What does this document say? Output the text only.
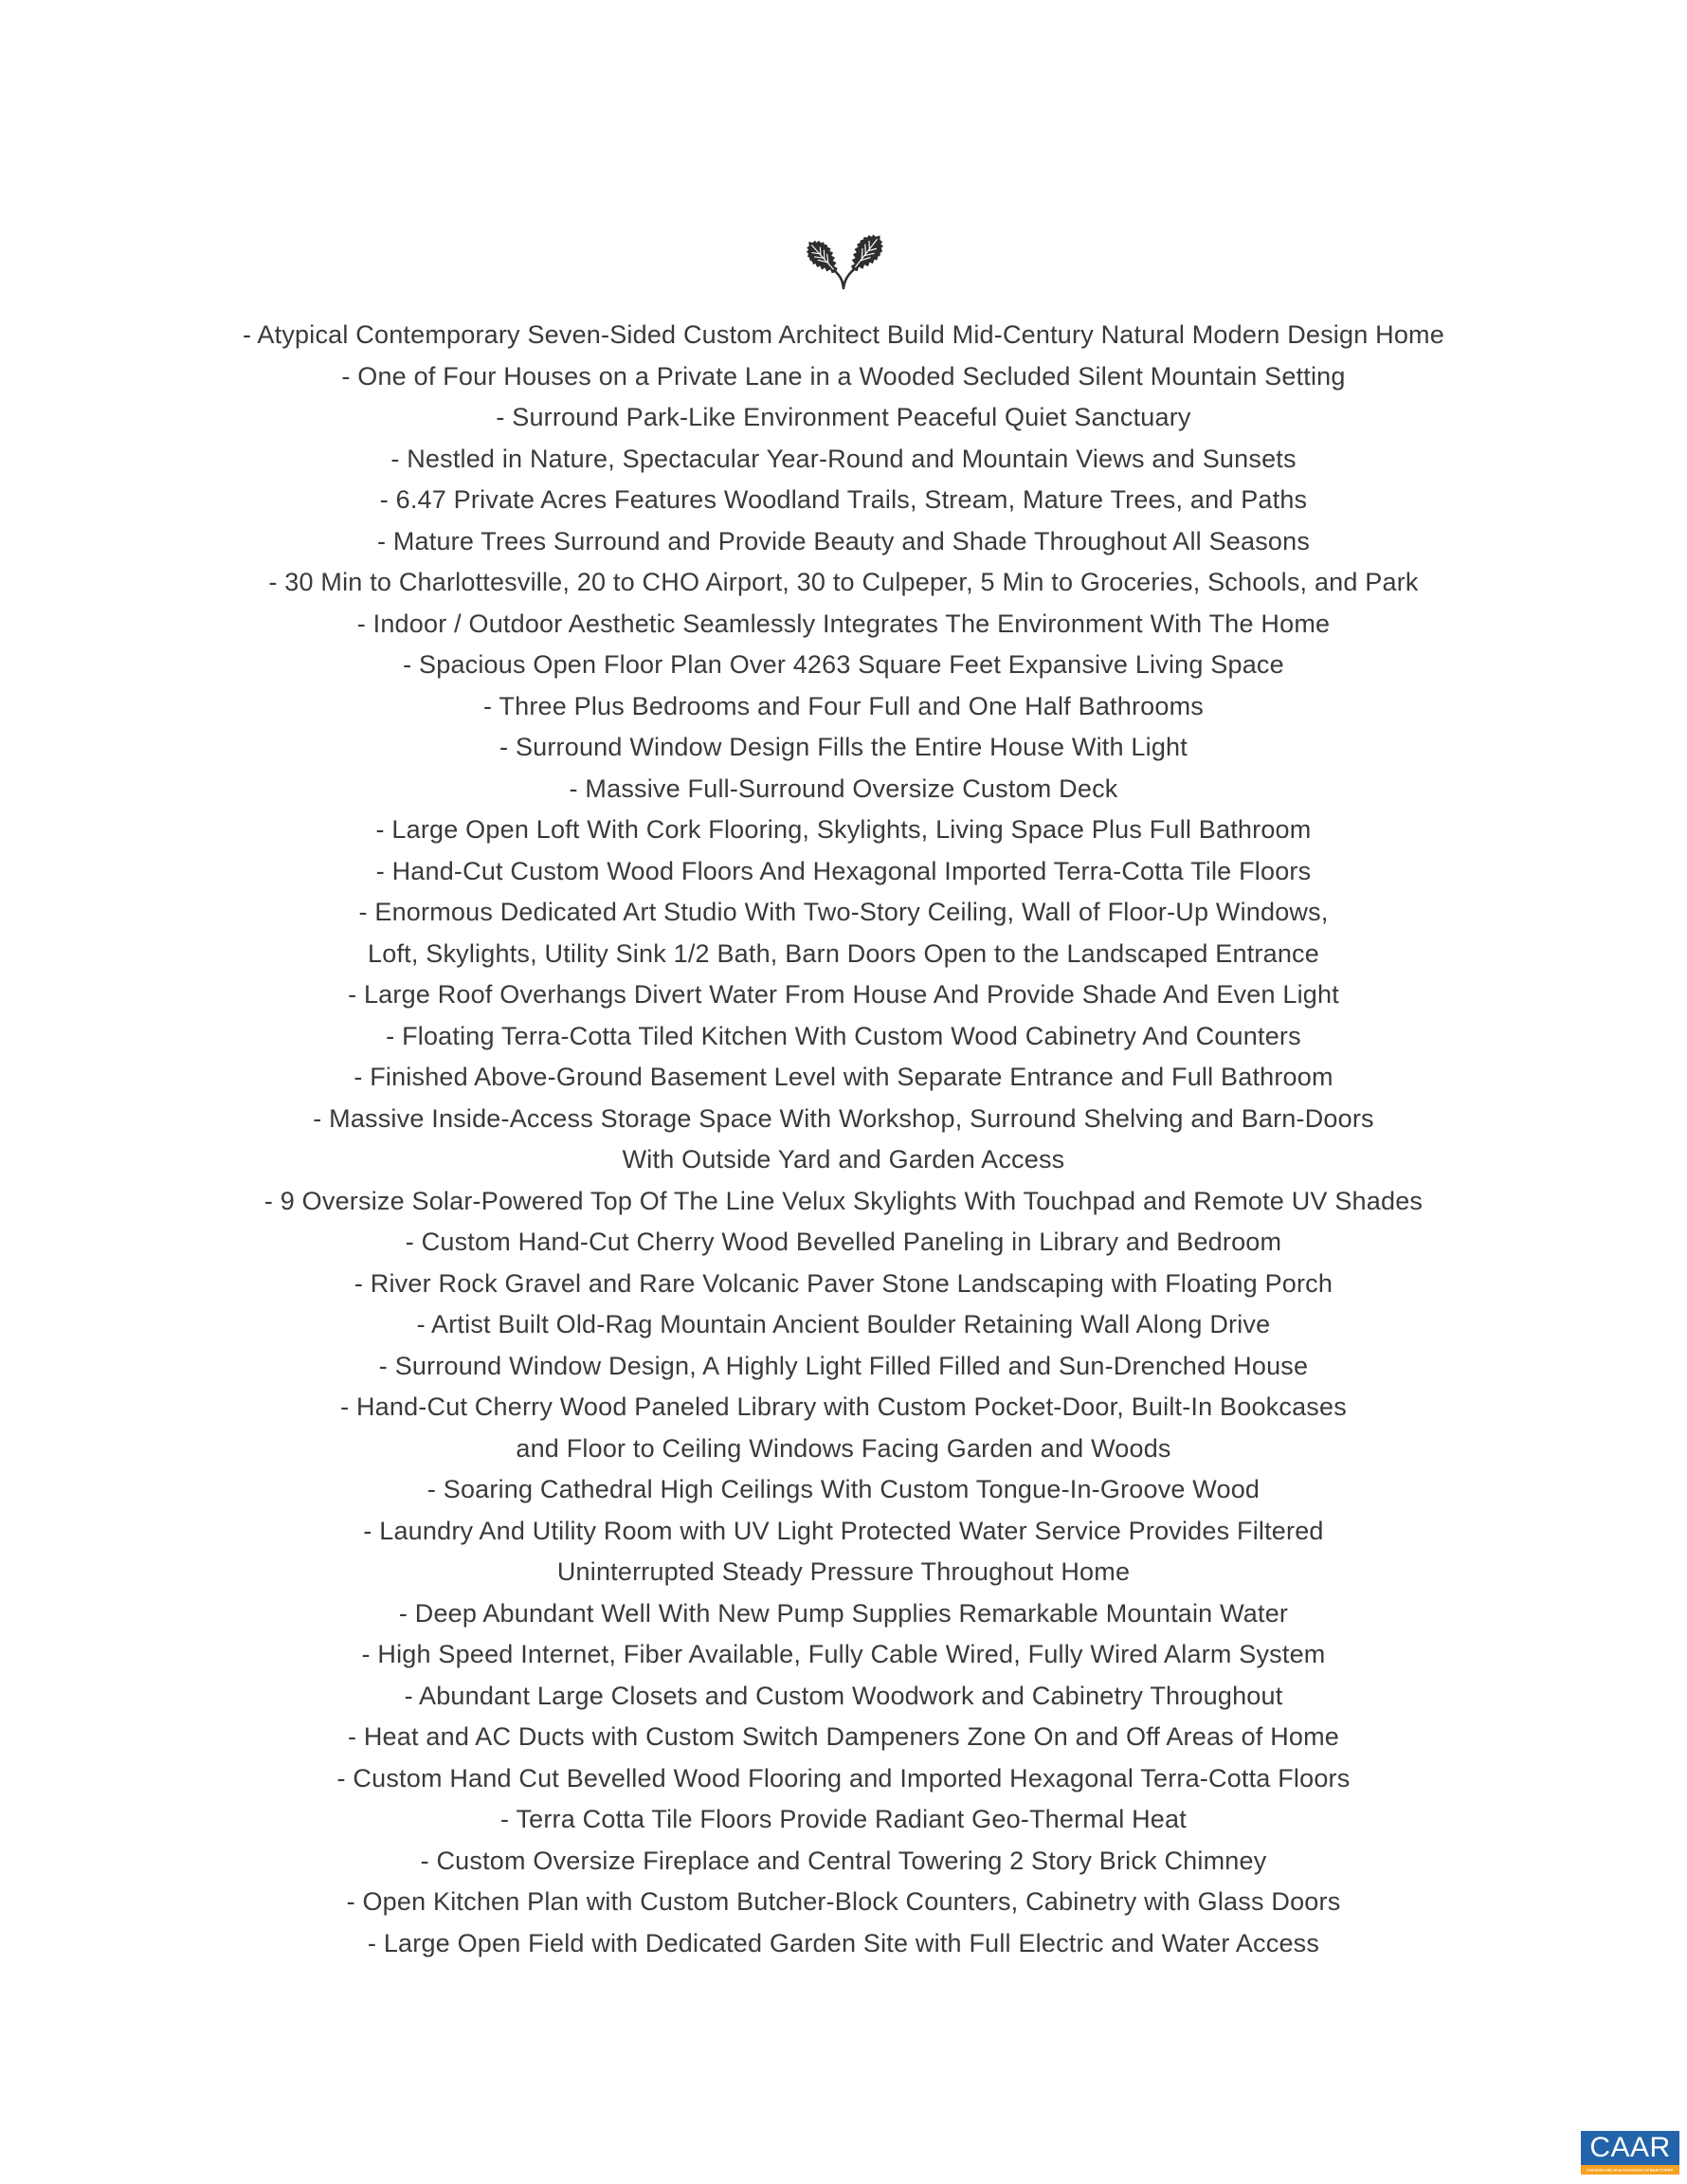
- Atypical Contemporary Seven-Sided Custom Architect Build Mid-Century Natural Modern Design Home
- One of Four Houses on a Private Lane in a Wooded Secluded Silent Mountain Setting
- Surround Park-Like Environment Peaceful Quiet Sanctuary
- Nestled in Nature, Spectacular Year-Round and Mountain Views and Sunsets
- 6.47 Private Acres Features Woodland Trails, Stream, Mature Trees, and Paths
- Mature Trees Surround and Provide Beauty and Shade Throughout All Seasons
- 30 Min to Charlottesville, 20 to CHO Airport, 30 to Culpeper, 5 Min to Groceries, Schools, and Park
- Indoor / Outdoor Aesthetic Seamlessly Integrates The Environment With The Home
- Spacious Open Floor Plan Over 4263 Square Feet Expansive Living Space
- Three Plus Bedrooms and Four Full and One Half Bathrooms
- Surround Window Design Fills the Entire House With Light
- Massive Full-Surround Oversize Custom Deck
- Large Open Loft With Cork Flooring, Skylights, Living Space Plus Full Bathroom
- Hand-Cut Custom Wood Floors And Hexagonal Imported Terra-Cotta Tile Floors
- Enormous Dedicated Art Studio With Two-Story Ceiling, Wall of Floor-Up Windows,
Loft, Skylights, Utility Sink 1/2 Bath, Barn Doors Open to the Landscaped Entrance
- Large Roof Overhangs Divert Water From House And Provide Shade And Even Light
- Floating Terra-Cotta Tiled Kitchen With Custom Wood Cabinetry And Counters
- Finished Above-Ground Basement Level with Separate Entrance and Full Bathroom
- Massive Inside-Access Storage Space With Workshop, Surround Shelving and Barn-Doors
With Outside Yard and Garden Access
- 9 Oversize Solar-Powered Top Of The Line Velux Skylights With Touchpad and Remote UV Shades
- Custom Hand-Cut Cherry Wood Bevelled Paneling in Library and Bedroom
- River Rock Gravel and Rare Volcanic Paver Stone Landscaping with Floating Porch
- Artist Built Old-Rag Mountain Ancient Boulder Retaining Wall Along Drive
- Surround Window Design, A Highly Light Filled Filled and Sun-Drenched House
- Hand-Cut Cherry Wood Paneled Library with Custom Pocket-Door, Built-In Bookcases
and Floor to Ceiling Windows Facing Garden and Woods
- Soaring Cathedral High Ceilings With Custom Tongue-In-Groove Wood
- Laundry And Utility Room with UV Light Protected Water Service Provides Filtered
Uninterrupted Steady Pressure Throughout Home
- Deep Abundant Well With New Pump Supplies Remarkable Mountain Water
- High Speed Internet, Fiber Available, Fully Cable Wired, Fully Wired Alarm System
- Abundant Large Closets and Custom Woodwork and Cabinetry Throughout
- Heat and AC Ducts with Custom Switch Dampeners Zone On and Off Areas of Home
- Custom Hand Cut Bevelled Wood Flooring and Imported Hexagonal Terra-Cotta Floors
- Terra Cotta Tile Floors Provide Radiant Geo-Thermal Heat
- Custom Oversize Fireplace and Central Towering 2 Story Brick Chimney
- Open Kitchen Plan with Custom Butcher-Block Counters, Cabinetry with Glass Doors
- Large Open Field with Dedicated Garden Site with Full Electric and Water Access
CAAR
Charlottesville Area Association of REALTORS®
